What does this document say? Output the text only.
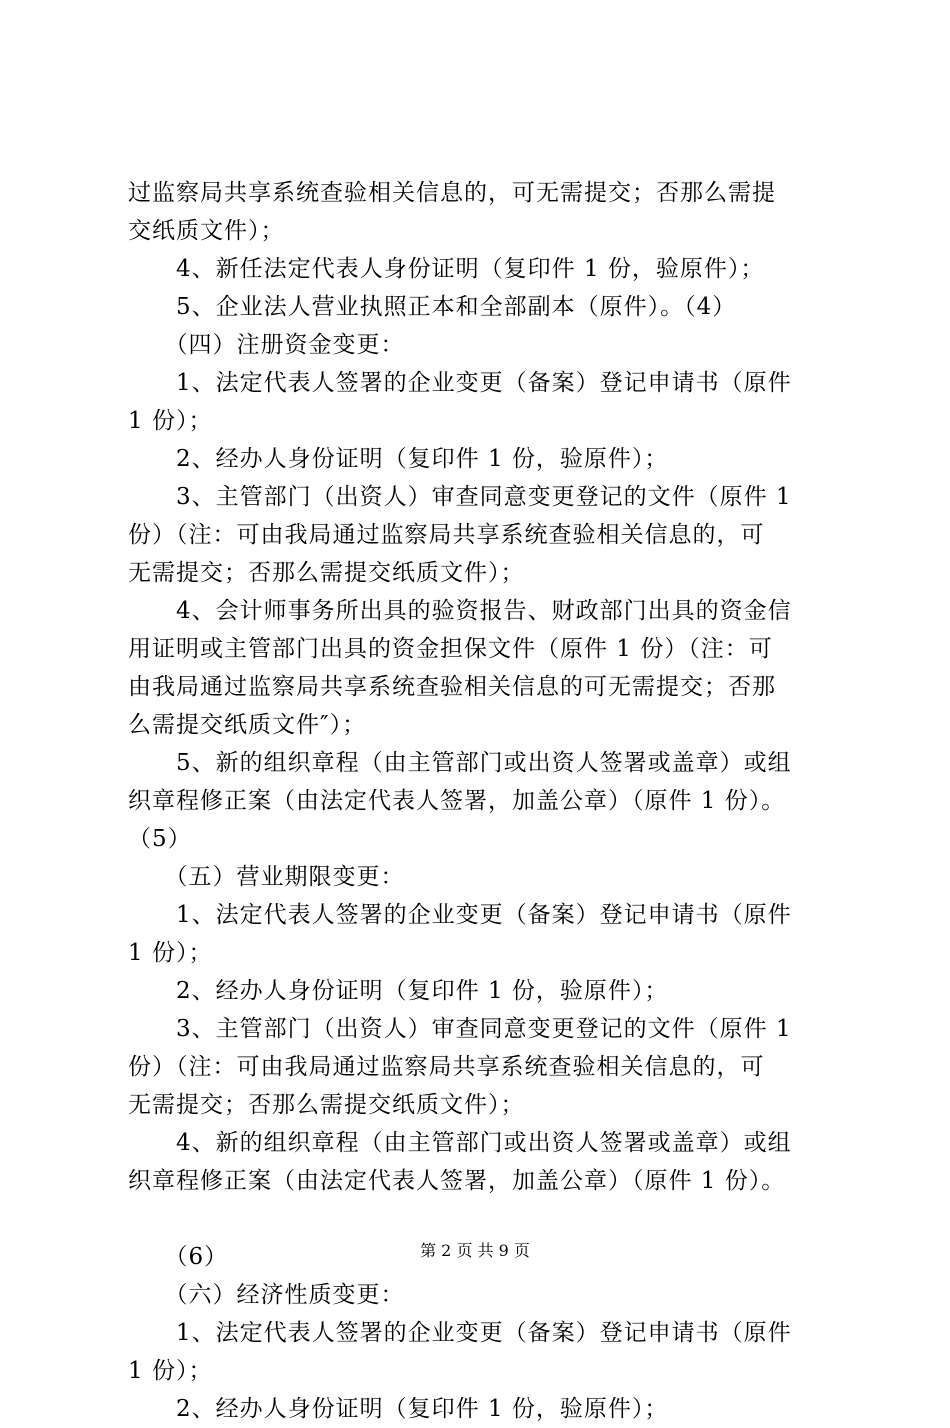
过监察局共享系统查验相关信息的，可无需提交；否那么需提
交纸质文件）；
　　4、新任法定代表人身份证明（复印件 1 份，验原件）；
　　5、企业法人营业执照正本和全部副本（原件）。（4）
　　（四）注册资金变更：
　　1、法定代表人签署的企业变更（备案）登记申请书（原件
1 份）；
　　2、经办人身份证明（复印件 1 份，验原件）；
　　3、主管部门（出资人）审查同意变更登记的文件（原件 1
份）（注：可由我局通过监察局共享系统查验相关信息的，可
无需提交；否那么需提交纸质文件）；
　　4、会计师事务所出具的验资报告、财政部门出具的资金信
用证明或主管部门出具的资金担保文件（原件 1 份）（注：可
由我局通过监察局共享系统查验相关信息的可无需提交；否那
么需提交纸质文件″）；
　　5、新的组织章程（由主管部门或出资人签署或盖章）或组
织章程修正案（由法定代表人签署，加盖公章）（原件 1 份）。
（5）
　　（五）营业期限变更：
　　1、法定代表人签署的企业变更（备案）登记申请书（原件
1 份）；
　　2、经办人身份证明（复印件 1 份，验原件）；
　　3、主管部门（出资人）审查同意变更登记的文件（原件 1
份）（注：可由我局通过监察局共享系统查验相关信息的，可
无需提交；否那么需提交纸质文件）；
　　4、新的组织章程（由主管部门或出资人签署或盖章）或组
织章程修正案（由法定代表人签署，加盖公章）（原件 1 份）。
　　（6）
　　（六）经济性质变更：
　　1、法定代表人签署的企业变更（备案）登记申请书（原件
1 份）；
　　2、经办人身份证明（复印件 1 份，验原件）；
第 2 页 共 9 页
